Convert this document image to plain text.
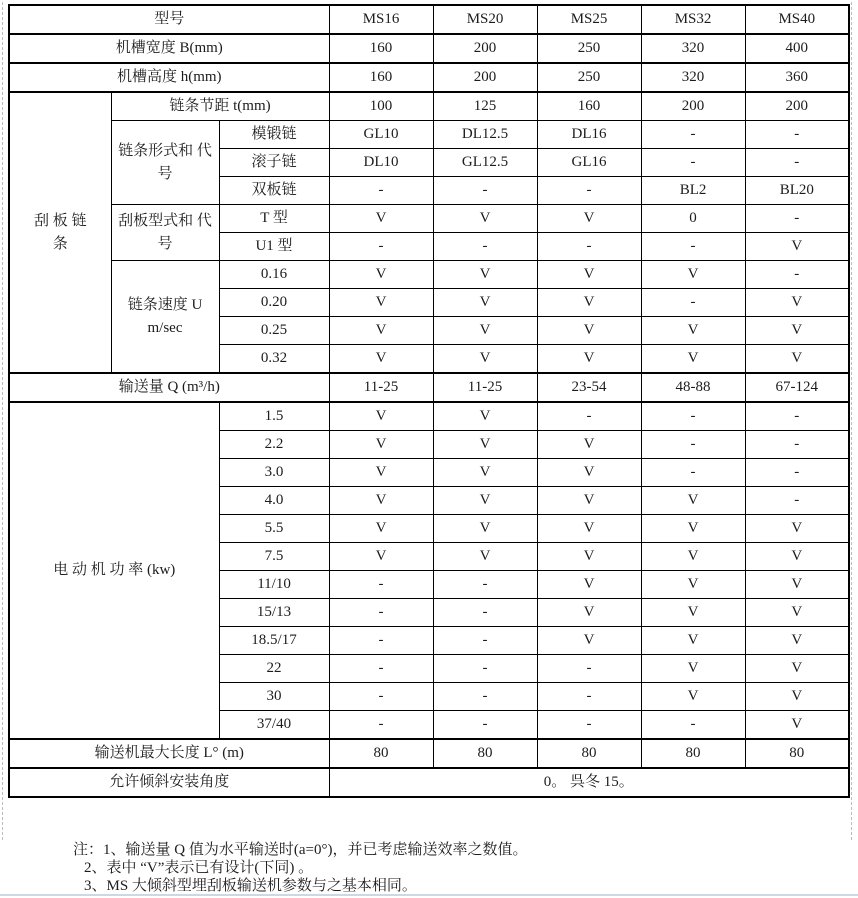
型号			MS16	MS20	MS25	MS32	MS40
机槽宽度 B(mm)			160	200	250	320	400
机槽高度 h(mm)			160	200	250	320	360
刮 板 链 条	链条节距 t(mm)		100	125	160	200	200
	链条形式和 代号	模锻链	GL10	DL12.5	DL16	-	-
		滚子链	DL10	GL12.5	GL16	-	-
		双板链	-	-	-	BL2	BL20
	刮板型式和 代号	T 型	V	V	V	0	-
		U1 型	-	-	-	-	V
	链条速度 U m/sec	0.16	V	V	V	V	-
		0.20	V	V	V	-	V
		0.25	V	V	V	V	V
		0.32	V	V	V	V	V
输送量 Q (m³/h)			11-25	11-25	23-54	48-88	67-124
电 动 机 功 率 (kw)		1.5	V	V	-	-	-
		2.2	V	V	V	-	-
		3.0	V	V	V	-	-
		4.0	V	V	V	V	-
		5.5	V	V	V	V	V
		7.5	V	V	V	V	V
		11/10	-	-	V	V	V
		15/13	-	-	V	V	V
		18.5/17	-	-	V	V	V
		22	-	-	-	V	V
		30	-	-	-	V	V
		37/40	-	-	-	-	V
输送机最大长度 L° (m)			80	80	80	80	80
允许倾斜安装角度			0。 呉冬 15。				
注：1、输送量 Q 值为水平输送时(a=0°)，并已考虑输送效率之数值。
2、表中 “V”表示已有设计(下同) 。
3、MS 大倾斜型埋刮板输送机参数与之基本相同。
